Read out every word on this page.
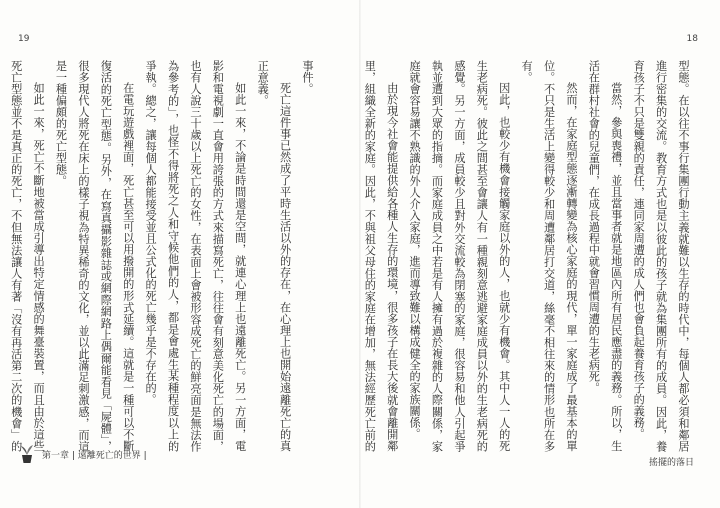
19

事件。

死亡這件事已然成了平時生活以外的存在，在心理上也開始遠離死亡的真正意義。

如此一來，不論是時間還是空間，就連心理上也遠離死亡。另一方面，電影和電視劇一直會用誇張的方式來描寫死亡，往往會有刻意美化死亡的場面，也有人說三十歲以上死亡的女性，在表面上會被形容成死亡的鮮亮面是無法作為參考的」，也怪不得將死之人和守候他們的人，都是會處生某種程度以上的爭執。總之，讓每個人都能接受並且公式化的死亡幾乎是不存在的。

在電玩遊戲裡面，死亡甚至可以用撥開的形式延續。這就是一種可以不斷復活的死亡型態。另外，在寫真攝影雜誌或網際網路上偶爾能看見「屍體」，很多現代人將死在床上的樣子視為特異稀奇的文化，並以此滿足刺激感，而這是一種偏頗的死亡型態。

如此一來，死亡不斷地被當成引導出特定情感的舞臺裝置，而且由於這些死亡型態並不是真正的死亡，不但無法讓人有著「沒有再活第二次的機會」的

第一章 | 遠離死亡的世界 |
18

型態。在以往不事行集團行動主義就難以生存的時代中，每個人都必須和鄰居進行密集的交流。教育方式也是以彼此的孩子就為集團所有的成員。因此，養育孩子不只是雙親的責任，連同家周遭的成人們也會負起養育孩子的義務。

當然，參與喪禮，並且當事者就是地區內所有居民應盡的義務。所以，生活在群村社會的兒童們，在成長過程中就會習慣周遭的生老病死。

然而，在家庭型態逐漸轉變為核心家庭的現代，單一家庭成了最基本的單位。不只是生活上變得較少和周遭鄰居打交道，絲毫不相往來的情形也所在多有。

因此，也較少有機會接觸家庭以外的人，也就少有機會。其中人一人的死生老病死。彼此之間甚至會讓人有一種親刻意逃避家庭成員以外的生老病死的感覺。另一方面，成員較少且對外交流較為閉塞的家庭，很容易和他人引起爭執並遭到大眾的指摘。而家庭成員之中若是有人擁有過於複雜的人際關係，家庭就會容易讓不熟識的外人介入家庭，進而導致難以構成健全的家族關係。

由於現今社會能提供給各種人生存的環境，很多孩子在長大後就會離開鄰里，組織全新的家庭。因此，不與祖父母住的家庭在增加，無法經歷死亡前的

搖擺的落日
